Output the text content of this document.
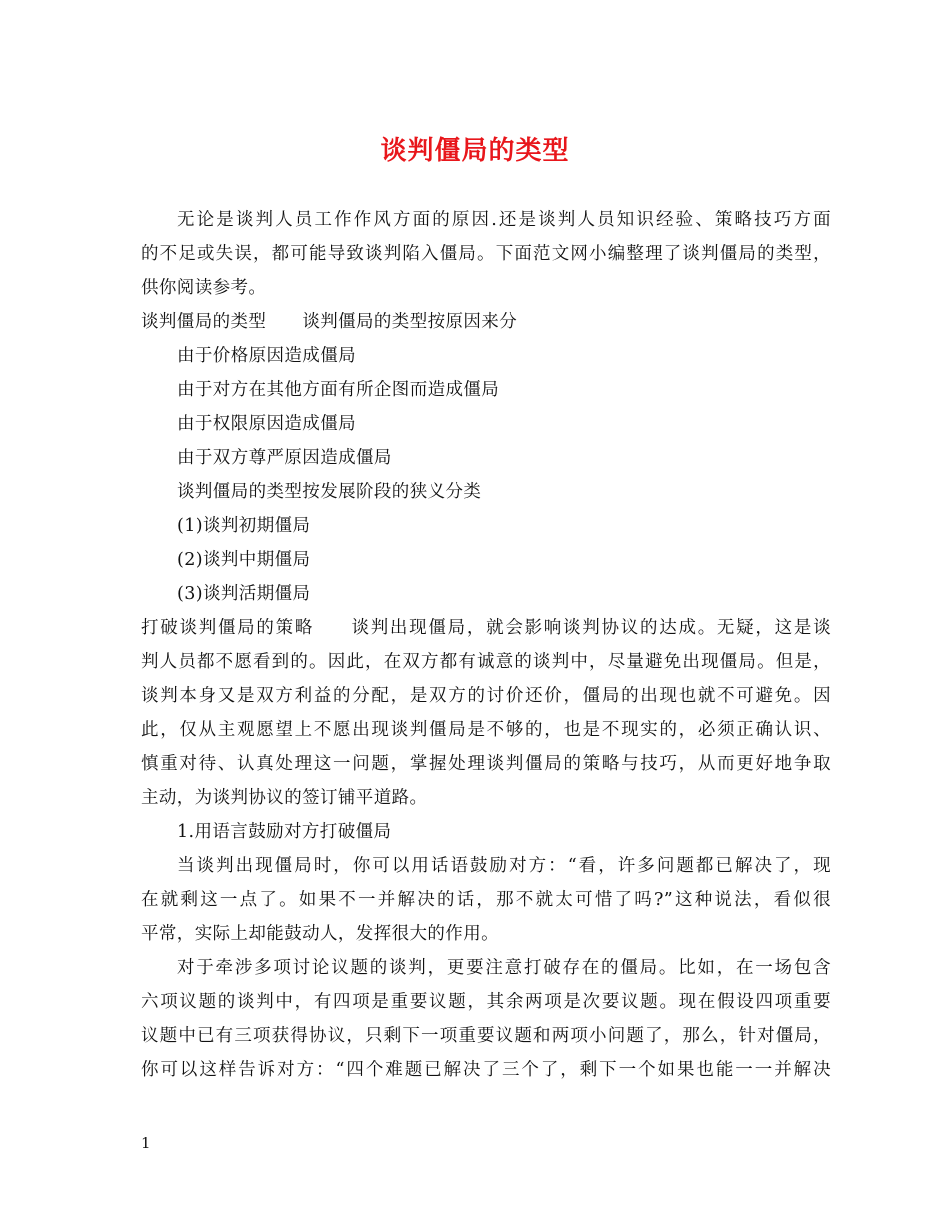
谈判僵局的类型
无论是谈判人员工作作风方面的原因.还是谈判人员知识经验、策略技巧方面
的不足或失误，都可能导致谈判陷入僵局。下面范文网小编整理了谈判僵局的类型，
供你阅读参考。
谈判僵局的类型 谈判僵局的类型按原因来分
由于价格原因造成僵局
由于对方在其他方面有所企图而造成僵局
由于权限原因造成僵局
由于双方尊严原因造成僵局
谈判僵局的类型按发展阶段的狭义分类
(1)谈判初期僵局
(2)谈判中期僵局
(3)谈判活期僵局
打破谈判僵局的策略 谈判出现僵局，就会影响谈判协议的达成。无疑，这是谈
判人员都不愿看到的。因此，在双方都有诚意的谈判中，尽量避免出现僵局。但是，
谈判本身又是双方利益的分配，是双方的讨价还价，僵局的出现也就不可避免。因
此，仅从主观愿望上不愿出现谈判僵局是不够的，也是不现实的，必须正确认识、
慎重对待、认真处理这一问题，掌握处理谈判僵局的策略与技巧，从而更好地争取
主动，为谈判协议的签订铺平道路。
1.用语言鼓励对方打破僵局
当谈判出现僵局时，你可以用话语鼓励对方：“看，许多问题都已解决了，现
在就剩这一点了。如果不一并解决的话，那不就太可惜了吗?”这种说法，看似很
平常，实际上却能鼓动人，发挥很大的作用。
对于牵涉多项讨论议题的谈判，更要注意打破存在的僵局。比如，在一场包含
六项议题的谈判中，有四项是重要议题，其余两项是次要议题。现在假设四项重要
议题中已有三项获得协议，只剩下一项重要议题和两项小问题了，那么，针对僵局，
你可以这样告诉对方：“四个难题已解决了三个了，剩下一个如果也能一一并解决
1
